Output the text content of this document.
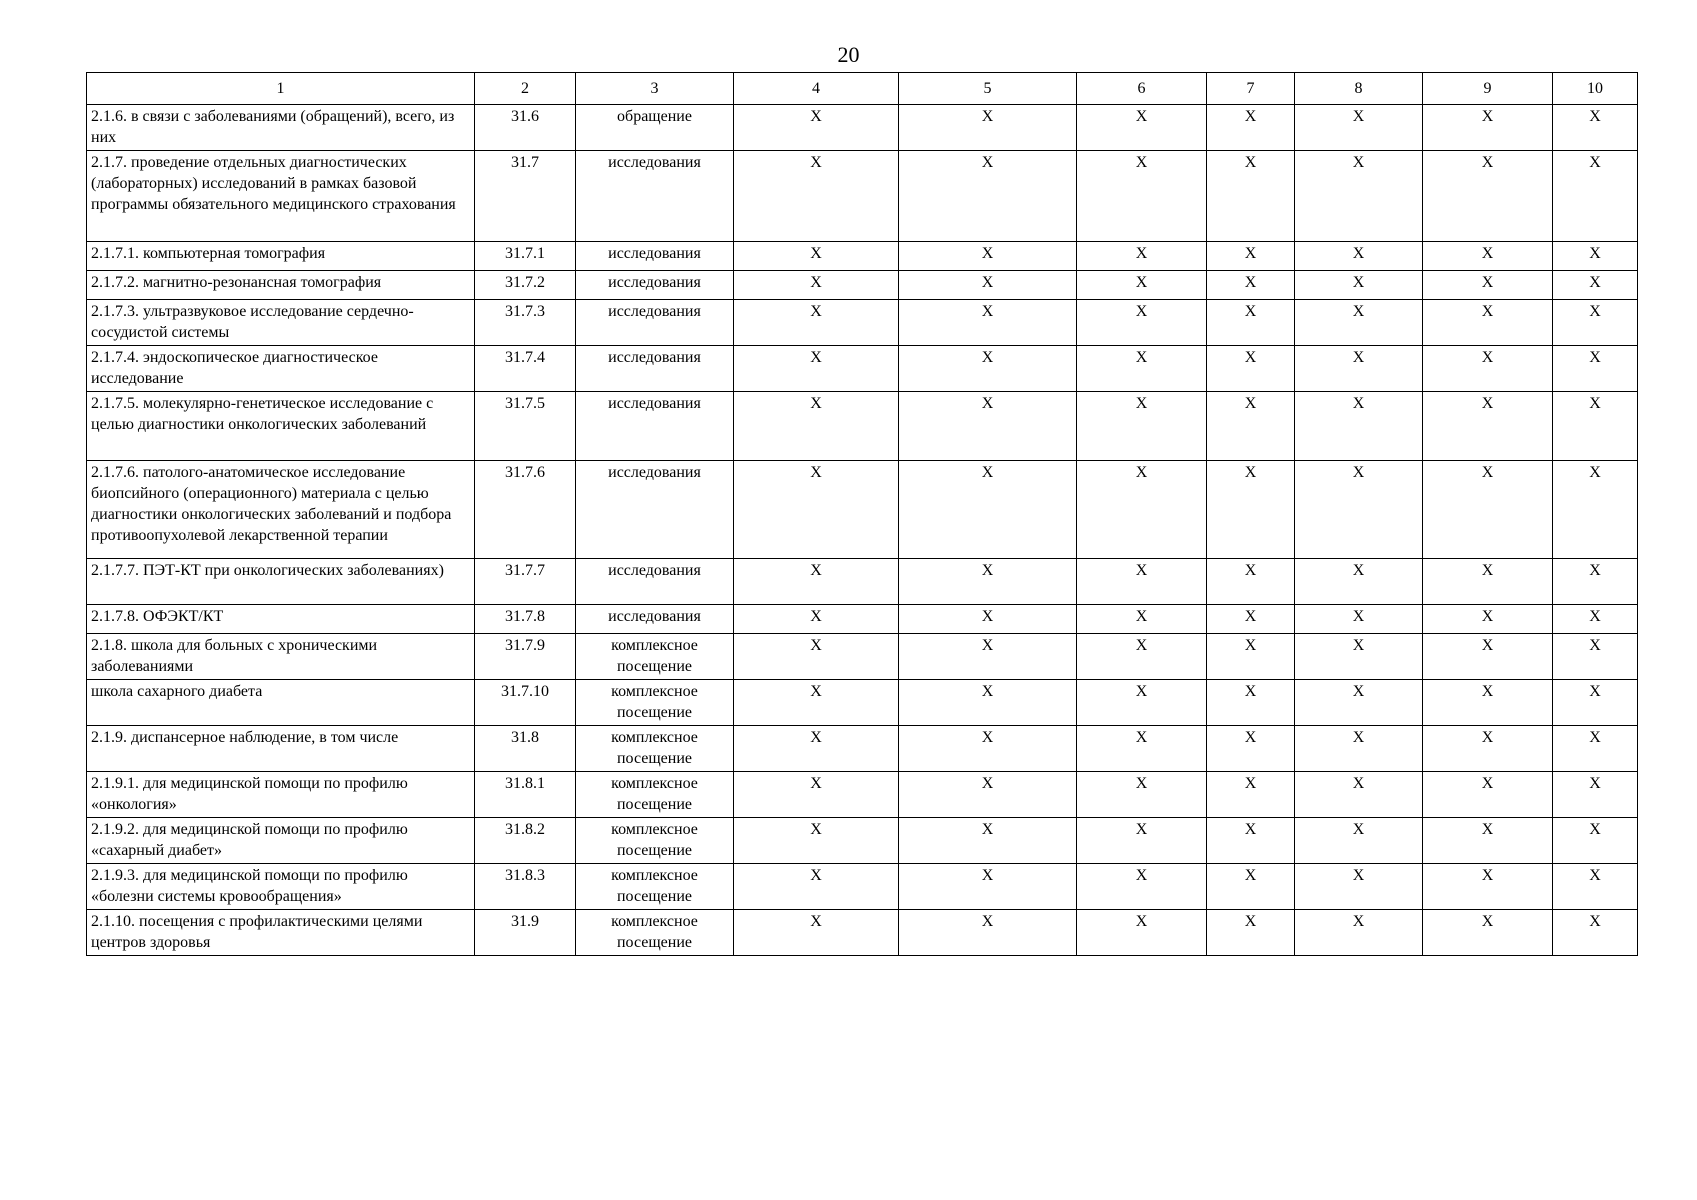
20
1	2	3	4	5	6	7	8	9	10
2.1.6. в связи с заболеваниями (обращений), всего, из них	31.6	обращение	X	X	X	X	X	X	X
2.1.7. проведение отдельных диагностических (лабораторных) исследований в рамках базовой программы обязательного медицинского страхования	31.7	исследования	X	X	X	X	X	X	X
2.1.7.1. компьютерная томография	31.7.1	исследования	X	X	X	X	X	X	X
2.1.7.2. магнитно-резонансная томография	31.7.2	исследования	X	X	X	X	X	X	X
2.1.7.3. ультразвуковое исследование сердечно-сосудистой системы	31.7.3	исследования	X	X	X	X	X	X	X
2.1.7.4. эндоскопическое диагностическое исследование	31.7.4	исследования	X	X	X	X	X	X	X
2.1.7.5. молекулярно-генетическое исследование с целью диагностики онкологических заболеваний	31.7.5	исследования	X	X	X	X	X	X	X
2.1.7.6. патолого-анатомическое исследование биопсийного (операционного) материала с целью диагностики онкологических заболеваний и подбора противоопухолевой лекарственной терапии	31.7.6	исследования	X	X	X	X	X	X	X
2.1.7.7. ПЭТ-КТ при онкологических заболеваниях)	31.7.7	исследования	X	X	X	X	X	X	X
2.1.7.8. ОФЭКТ/КТ	31.7.8	исследования	X	X	X	X	X	X	X
2.1.8. школа для больных с хроническими заболеваниями	31.7.9	комплексное посещение	X	X	X	X	X	X	X
школа сахарного диабета	31.7.10	комплексное посещение	X	X	X	X	X	X	X
2.1.9. диспансерное наблюдение, в том числе	31.8	комплексное посещение	X	X	X	X	X	X	X
2.1.9.1. для медицинской помощи по профилю «онкология»	31.8.1	комплексное посещение	X	X	X	X	X	X	X
2.1.9.2. для медицинской помощи по профилю «сахарный диабет»	31.8.2	комплексное посещение	X	X	X	X	X	X	X
2.1.9.3. для медицинской помощи по профилю «болезни системы кровообращения»	31.8.3	комплексное посещение	X	X	X	X	X	X	X
2.1.10. посещения с профилактическими целями центров здоровья	31.9	комплексное посещение	X	X	X	X	X	X	X
